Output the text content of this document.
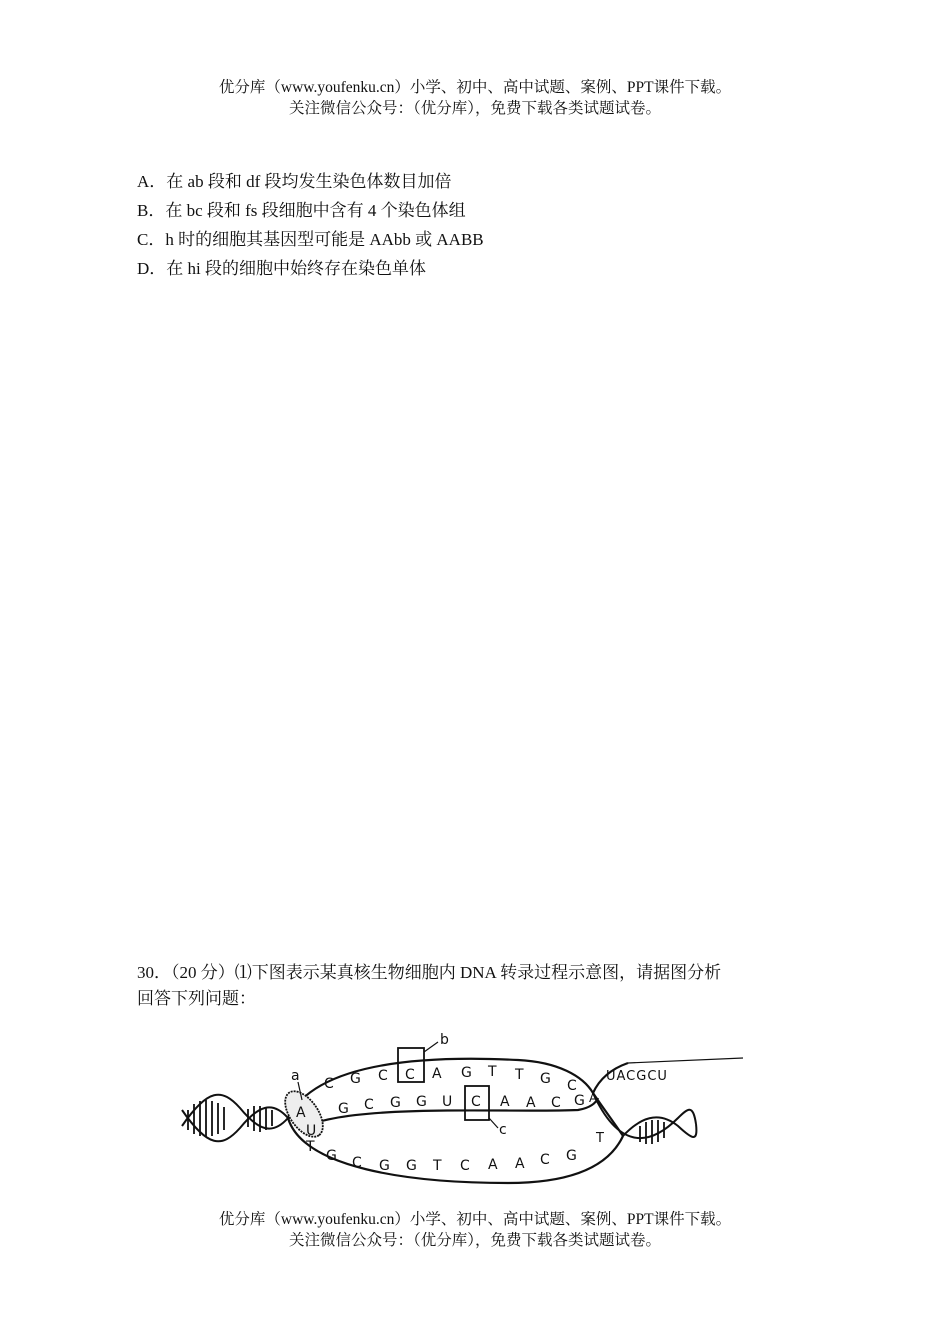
优分库（www.youfenku.cn）小学、初中、高中试题、案例、PPT课件下载。
关注微信公众号：（优分库），免费下载各类试题试卷。
A．在 ab 段和 df 段均发生染色体数目加倍
B．在 bc 段和 fs 段细胞中含有 4 个染色体组
C．h 时的细胞其基因型可能是 AAbb 或 AABB
D．在 hi 段的细胞中始终存在染色单体
30．（20 分）⑴下图表示某真核生物细胞内 DNA 转录过程示意图，请据图分析
回答下列问题：
a
A
U
b
c
C G C C A G T T G C
G C G G U C A A C G A
T
G C G G T C A A C G
UACGCU
T
优分库（www.youfenku.cn）小学、初中、高中试题、案例、PPT课件下载。
关注微信公众号：（优分库），免费下载各类试题试卷。
